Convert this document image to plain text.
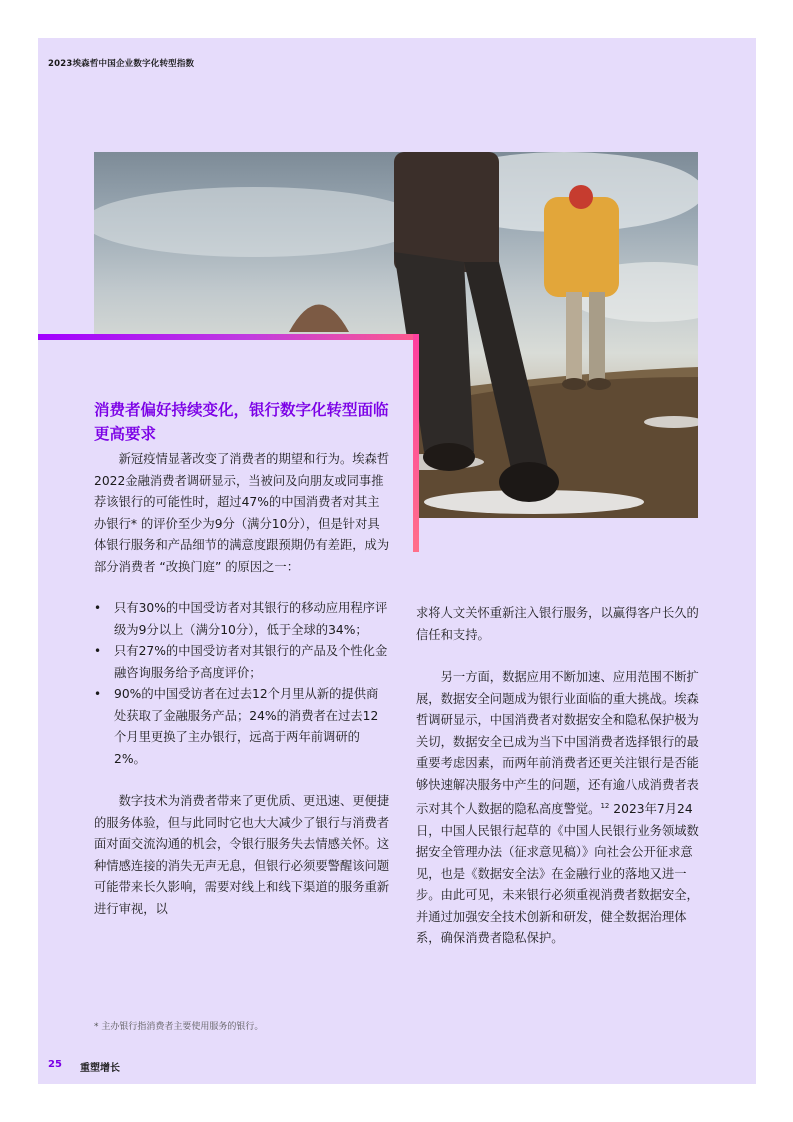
2023埃森哲中国企业数字化转型指数
消费者偏好持续变化，银行数字化转型面临更高要求

新冠疫情显著改变了消费者的期望和行为。埃森哲2022金融消费者调研显示，当被问及向朋友或同事推荐该银行的可能性时，超过47%的中国消费者对其主办银行* 的评价至少为9分（满分10分），但是针对具体银行服务和产品细节的满意度跟预期仍有差距，成为部分消费者 “改换门庭” 的原因之一：

• 只有30%的中国受访者对其银行的移动应用程序评级为9分以上（满分10分），低于全球的34%；
• 只有27%的中国受访者对其银行的产品及个性化金融咨询服务给予高度评价；
• 90%的中国受访者在过去12个月里从新的提供商处获取了金融服务产品；24%的消费者在过去12个月里更换了主办银行，远高于两年前调研的2%。

数字技术为消费者带来了更优质、更迅速、更便捷的服务体验，但与此同时它也大大减少了银行与消费者面对面交流沟通的机会，令银行服务失去情感关怀。这种情感连接的消失无声无息，但银行必须要警醒该问题可能带来长久影响，需要对线上和线下渠道的服务重新进行审视，以

求将人文关怀重新注入银行服务，以赢得客户长久的信任和支持。

另一方面，数据应用不断加速、应用范围不断扩展，数据安全问题成为银行业面临的重大挑战。埃森哲调研显示，中国消费者对数据安全和隐私保护极为关切，数据安全已成为当下中国消费者选择银行的最重要考虑因素，而两年前消费者还更关注银行是否能够快速解决服务中产生的问题，还有逾八成消费者表示对其个人数据的隐私高度警觉。$^{12}$ 2023年7月24日，中国人民银行起草的《中国人民银行业务领域数据安全管理办法（征求意见稿）》向社会公开征求意见，也是《数据安全法》在金融行业的落地又进一步。由此可见，未来银行必须重视消费者数据安全，并通过加强安全技术创新和研发，健全数据治理体系，确保消费者隐私保护。

* 主办银行指消费者主要使用服务的银行。
25 重塑增长
